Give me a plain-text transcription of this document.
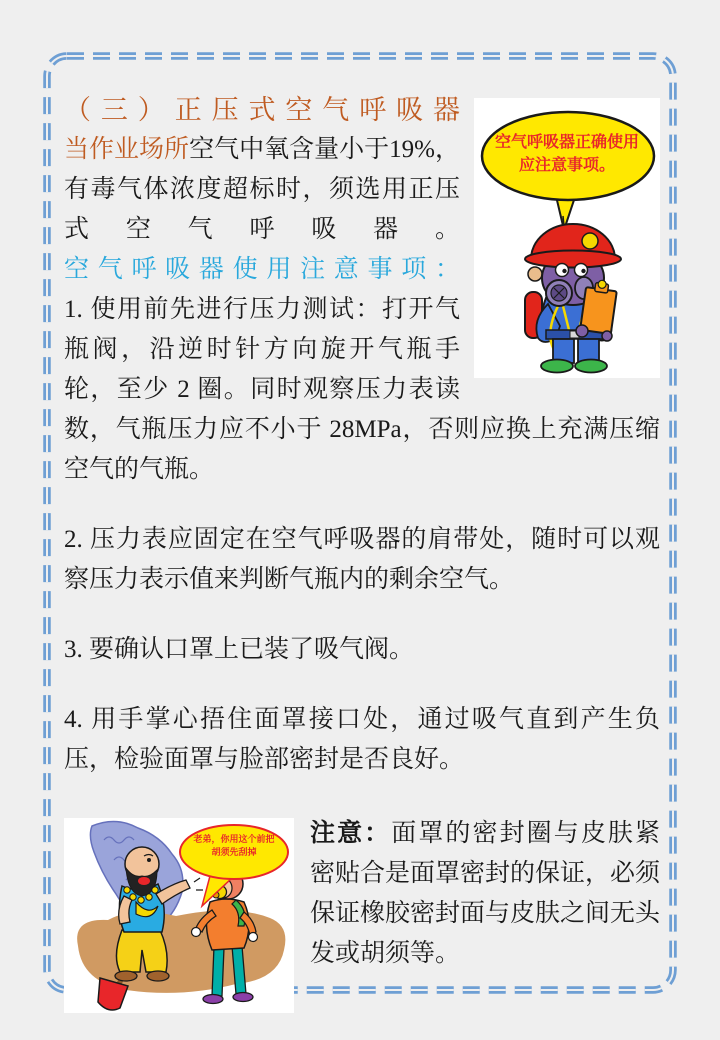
空气呼吸器正确使用
应注意事项。
（三）正压式空气呼吸器

当作业场所空气中氧含量小于19%，有毒气体浓度超标时，须选用正压式空气呼吸器。

空气呼吸器使用注意事项：

1. 使用前先进行压力测试：打开气瓶阀，沿逆时针方向旋开气瓶手轮，至少 2 圈。同时观察压力表读数，气瓶压力应不小于 28MPa，否则应换上充满压缩空气的气瓶。

2. 压力表应固定在空气呼吸器的肩带处，随时可以观察压力表示值来判断气瓶内的剩余空气。

3. 要确认口罩上已装了吸气阀。

4. 用手掌心捂住面罩接口处，通过吸气直到产生负压，检验面罩与脸部密封是否良好。

老弟，你用这个前把
胡须先刮掉

注意：面罩的密封圈与皮肤紧密贴合是面罩密封的保证，必须保证橡胶密封面与皮肤之间无头发或胡须等。
